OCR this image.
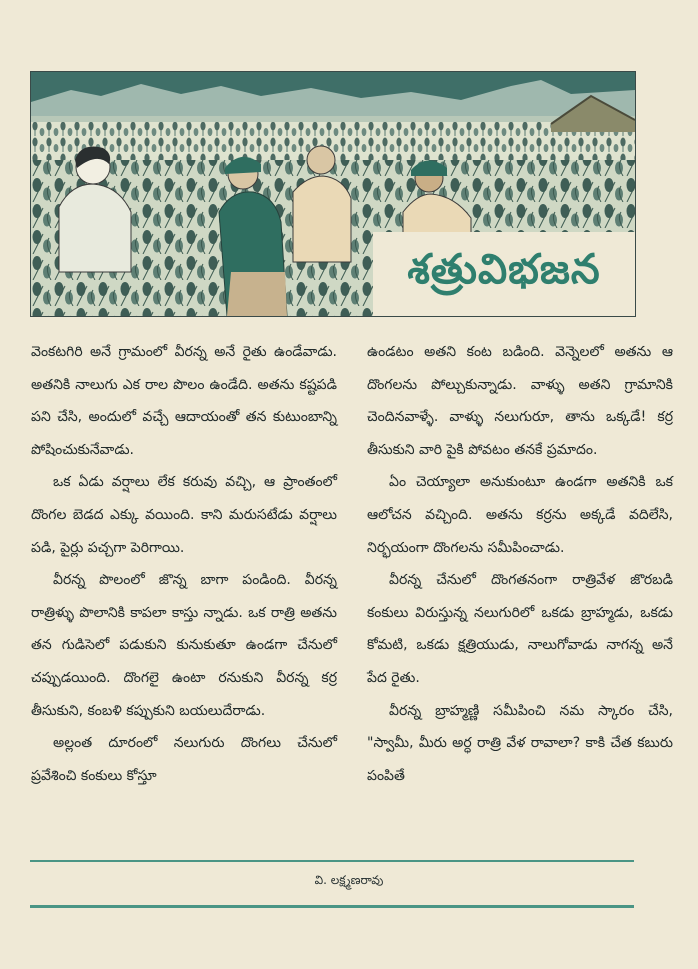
శత్రువిభజన

వెంకటగిరి అనే గ్రామంలో వీరన్న అనే రైతు ఉండేవాడు. అతనికి నాలుగు ఎక రాల పొలం ఉండేది. అతను కష్టపడి పని చేసి, అందులో వచ్చే ఆదాయంతో తన కుటుంబాన్ని పోషించుకునేవాడు.

ఒక ఏడు వర్షాలు లేక కరువు వచ్చి, ఆ ప్రాంతంలో దొంగల బెడద ఎక్కు వయింది. కాని మరుసటేడు వర్షాలు పడి, పైర్లు పచ్చగా పెరిగాయి.

వీరన్న పొలంలో జొన్న బాగా పండింది. వీరన్న రాత్రిళ్ళు పొలానికి కాపలా కాస్తు న్నాడు. ఒక రాత్రి అతను తన గుడిసెలో పడుకుని కునుకుతూ ఉండగా చేనులో చప్పుడయింది. దొంగలై ఉంటా రనుకుని వీరన్న కర్ర తీసుకుని, కంబళి కప్పుకుని బయలుదేరాడు.

అల్లంత దూరంలో నలుగురు దొంగలు చేనులో ప్రవేశించి కంకులు కోస్తూ

ఉండటం అతని కంట బడింది. వెన్నెలలో అతను ఆ దొంగలను పోల్చుకున్నాడు. వాళ్ళు అతని గ్రామానికి చెందినవాళ్ళే. వాళ్ళు నలుగురూ, తాను ఒక్కడే! కర్ర తీసుకుని వారి పైకి పోవటం తనకే ప్రమాదం.

ఏం చెయ్యాలా అనుకుంటూ ఉండగా అతనికి ఒక ఆలోచన వచ్చింది. అతను కర్రను అక్కడే వదిలేసి, నిర్భయంగా దొంగలను సమీపించాడు.

వీరన్న చేనులో దొంగతనంగా రాత్రివేళ జొరబడి కంకులు విరుస్తున్న నలుగురిలో ఒకడు బ్రాహ్మడు, ఒకడు కోమటి, ఒకడు క్షత్రియుడు, నాలుగోవాడు నాగన్న అనే పేద రైతు.

వీరన్న బ్రాహ్మణ్ణి సమీపించి నమ స్కారం చేసి, "స్వామీ, మీరు అర్ధ రాత్రి వేళ రావాలా? కాకి చేత కబురు పంపితే

వి. లక్ష్మణరావు
